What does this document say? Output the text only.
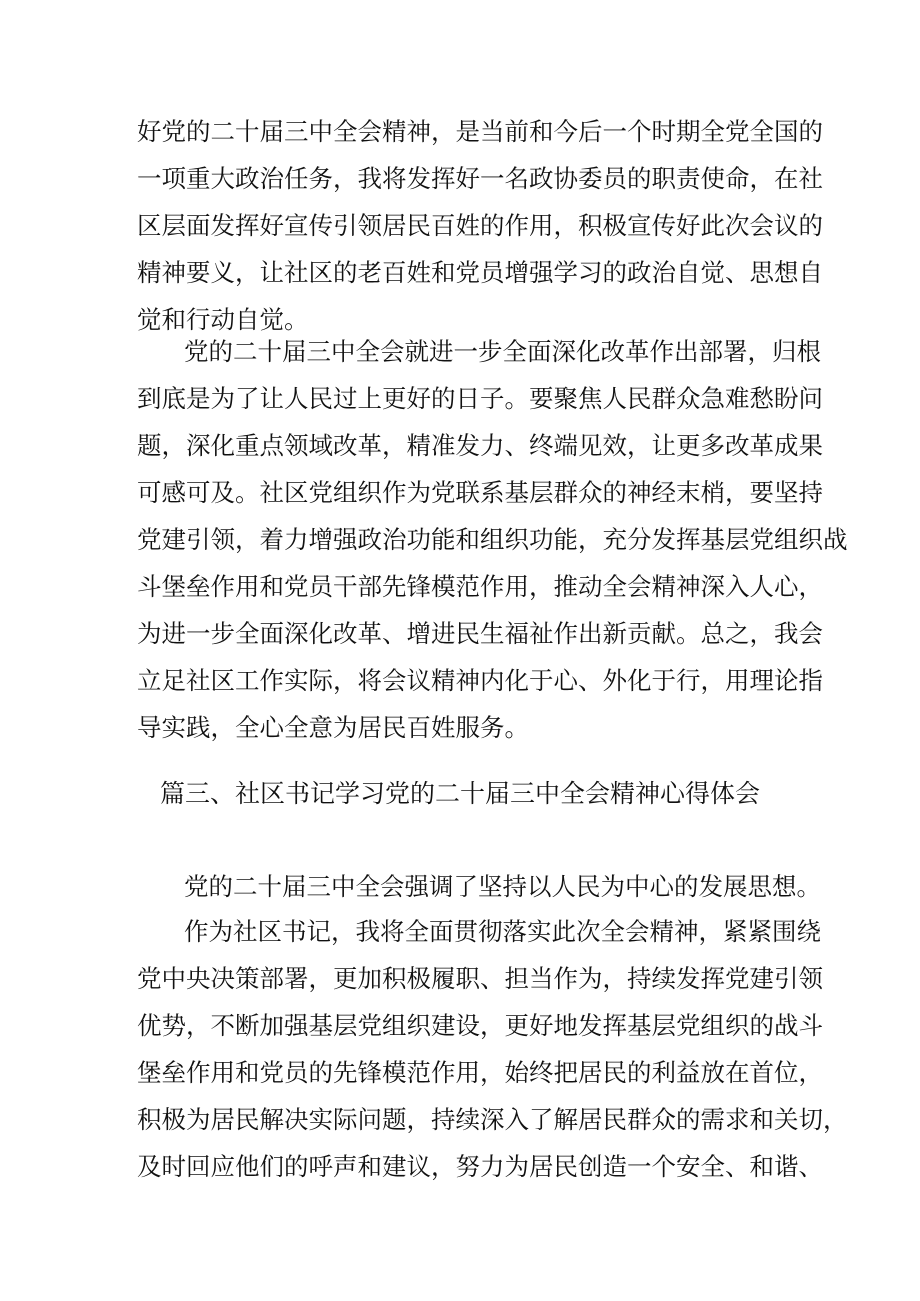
好党的二十届三中全会精神，是当前和今后一个时期全党全国的
一项重大政治任务，我将发挥好一名政协委员的职责使命，在社
区层面发挥好宣传引领居民百姓的作用，积极宣传好此次会议的
精神要义，让社区的老百姓和党员增强学习的政治自觉、思想自
觉和行动自觉。
党的二十届三中全会就进一步全面深化改革作出部署，归根
到底是为了让人民过上更好的日子。要聚焦人民群众急难愁盼问
题，深化重点领域改革，精准发力、终端见效，让更多改革成果
可感可及。社区党组织作为党联系基层群众的神经末梢，要坚持
党建引领，着力增强政治功能和组织功能，充分发挥基层党组织战
斗堡垒作用和党员干部先锋模范作用，推动全会精神深入人心，
为进一步全面深化改革、增进民生福祉作出新贡献。总之，我会
立足社区工作实际，将会议精神内化于心、外化于行，用理论指
导实践，全心全意为居民百姓服务。
篇三、社区书记学习党的二十届三中全会精神心得体会
党的二十届三中全会强调了坚持以人民为中心的发展思想。
作为社区书记，我将全面贯彻落实此次全会精神，紧紧围绕
党中央决策部署，更加积极履职、担当作为，持续发挥党建引领
优势，不断加强基层党组织建设，更好地发挥基层党组织的战斗
堡垒作用和党员的先锋模范作用，始终把居民的利益放在首位，
积极为居民解决实际问题，持续深入了解居民群众的需求和关切，
及时回应他们的呼声和建议，努力为居民创造一个安全、和谐、
